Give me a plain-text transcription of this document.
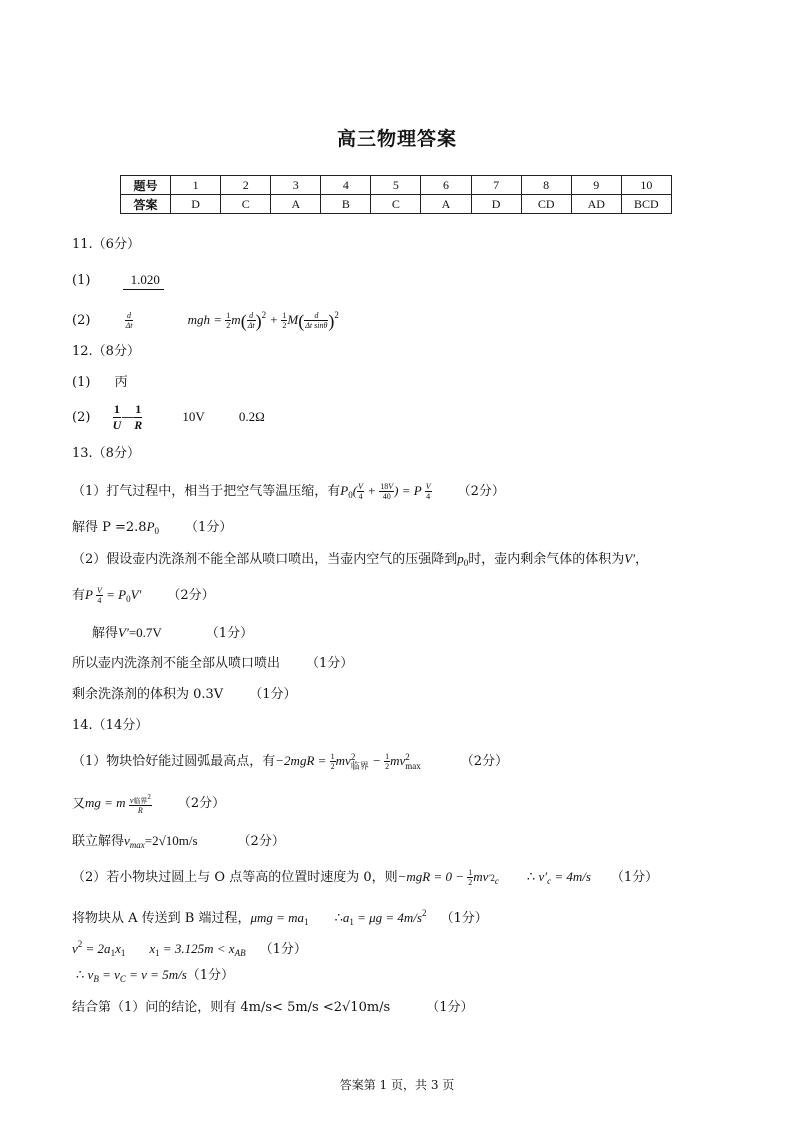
高三物理答案
题号	1	2	3	4	5	6	7	8	9	10
答案	D	C	A	B	C	A	D	CD	AD	BCD
11.（6分）
(1)	1.020
(2)	$\frac{d}{\Delta t}$	mgh = $\frac{1}{2} m( \frac{d}{\Delta t} )^2 + \frac{1}{2} M( \frac{d}{\text{Δt sinθ}} )^2$
12.（8分）
(1) 丙
$(2) \frac{1}{U}$ — $\frac{1}{R}$	10V	0.2Ω
13.（8分）
（1）打气过程中，相当于把空气等温压缩，有$P_0( \frac{V}{4} + \frac{18V}{40}$ ) = P $\frac{V}{4} (2$分）
解得 $P =2.8P_0$ （1分）
（2）假设壶内洗涤剂不能全部从喷口喷出，当壶内空气的压强降到$p_0$时，壶内剩余气体的体积为V′，
有P $\frac{V}{4} = P_0V'$ （2分）
解得V′=0.7V	（1分）
所以壶内洗涤剂不能全部从喷口喷出 （1分）
剩余洗涤剂的体积为 0.3V （1分）
14.（14分）
（1）物块恰好能过圆弧最高点，有$-2mgR = \frac{1}{2}$ mv 2
临界 − $\frac{1}{2}$ mv 2
max	（2分）
又mg = m $\frac{\text{v临界2}}{R} (2$分）
联立解得$v_{max}=2√10m/s$	（2分）
（2）若小物块过圆上与 O 点等高的位置时速度为 0，则$-mgR = 0 - \frac{1}{2} mv'2_c$ ∴ $v'_c = 4m/s$ （1分）
将物块从 A 传送到 B 端过程，$\mu mg = ma_1$ $\therefore a_1 = \mu g = 4m/s^2$ （1分）
$v^2 = 2a_1x_1$ $x_1 = 3.125m < x_{AB}$ （1分）
∴ $v_B = v_C = v = 5m/s(1$分）
结合第（1）问的结论，则有 4m/s< 5m/s <2√10m/s	（1分）
答案第 1 页，共 3 页
